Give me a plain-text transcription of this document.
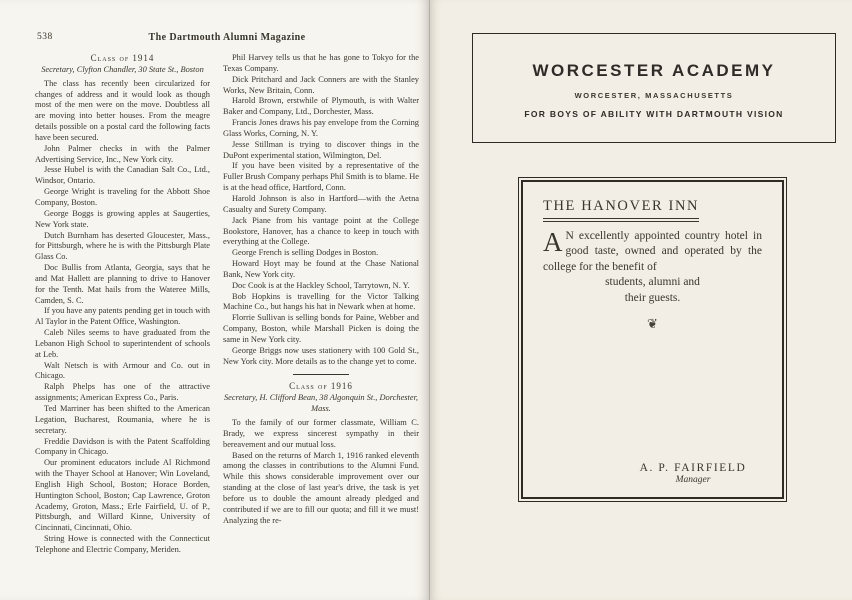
538	The Dartmouth Alumni Magazine
Class of 1914
Secretary, Clyfton Chandler, 30 State St., Boston

The class has recently been circularized for changes of address and it would look as though most of the men were on the move. Doubtless all are moving into better houses. From the meagre details possible on a postal card the following facts have been secured.

John Palmer checks in with the Palmer Advertising Service, Inc., New York city.

Jesse Hubel is with the Canadian Salt Co., Ltd., Windsor, Ontario.

George Wright is traveling for the Abbott Shoe Company, Boston.

George Boggs is growing apples at Saugerties, New York state.

Dutch Burnham has deserted Gloucester, Mass., for Pittsburgh, where he is with the Pittsburgh Plate Glass Co.

Doc Bullis from Atlanta, Georgia, says that he and Mat Hallett are planning to drive to Hanover for the Tenth. Mat hails from the Wateree Mills, Camden, S. C.

If you have any patents pending get in touch with Al Taylor in the Patent Office, Washington.

Caleb Niles seems to have graduated from the Lebanon High School to superintendent of schools at Leb.

Walt Netsch is with Armour and Co. out in Chicago.

Ralph Phelps has one of the attractive assignments; American Express Co., Paris.

Ted Marriner has been shifted to the American Legation, Bucharest, Roumania, where he is secretary.

Freddie Davidson is with the Patent Scaffolding Company in Chicago.

Our prominent educators include Al Richmond with the Thayer School at Hanover; Win Loveland, English High School, Boston; Horace Borden, Huntington School, Boston; Cap Lawrence, Groton Academy, Groton, Mass.; Erle Fairfield, U. of P., Pittsburgh, and Willard Kinne, University of Cincinnati, Cincinnati, Ohio.

String Howe is connected with the Connecticut Telephone and Electric Company, Meriden.

Phil Harvey tells us that he has gone to Tokyo for the Texas Company.

Dick Pritchard and Jack Conners are with the Stanley Works, New Britain, Conn.

Harold Brown, erstwhile of Plymouth, is with Walter Baker and Company, Ltd., Dorchester, Mass.

Francis Jones draws his pay envelope from the Corning Glass Works, Corning, N. Y.

Jesse Stillman is trying to discover things in the DuPont experimental station, Wilmington, Del.

If you have been visited by a representative of the Fuller Brush Company perhaps Phil Smith is to blame. He is at the head office, Hartford, Conn.

Harold Johnson is also in Hartford—with the Aetna Casualty and Surety Company.

Jack Piane from his vantage point at the College Bookstore, Hanover, has a chance to keep in touch with everything at the College.

George French is selling Dodges in Boston.

Howard Hoyt may be found at the Chase National Bank, New York city.

Doc Cook is at the Hackley School, Tarrytown, N. Y.

Bob Hopkins is travelling for the Victor Talking Machine Co., but hangs his hat in Newark when at home.

Florrie Sullivan is selling bonds for Paine, Webber and Company, Boston, while Marshall Picken is doing the same in New York city.

George Briggs now uses stationery with 100 Gold St., New York city. More details as to the change yet to come.

Class of 1916
Secretary, H. Clifford Bean, 38 Algonquin St., Dorchester, Mass.

To the family of our former classmate, William C. Brady, we express sincerest sympathy in their bereavement and our mutual loss.

Based on the returns of March 1, 1916 ranked eleventh among the classes in contributions to the Alumni Fund. While this shows considerable improvement over our standing at the close of last year's drive, the task is yet before us to double the amount already pledged and contributed if we are to fill our quota; and fill it we must! Analyzing the re-

WORCESTER ACADEMY
WORCESTER, MASSACHUSETTS
FOR BOYS OF ABILITY WITH DARTMOUTH VISION
THE HANOVER INN
A N excellently appointed country hotel in good taste, owned and operated by the college for the benefit of

students, alumni and

their guests.

❦
A. P. FAIRFIELD
Manager
